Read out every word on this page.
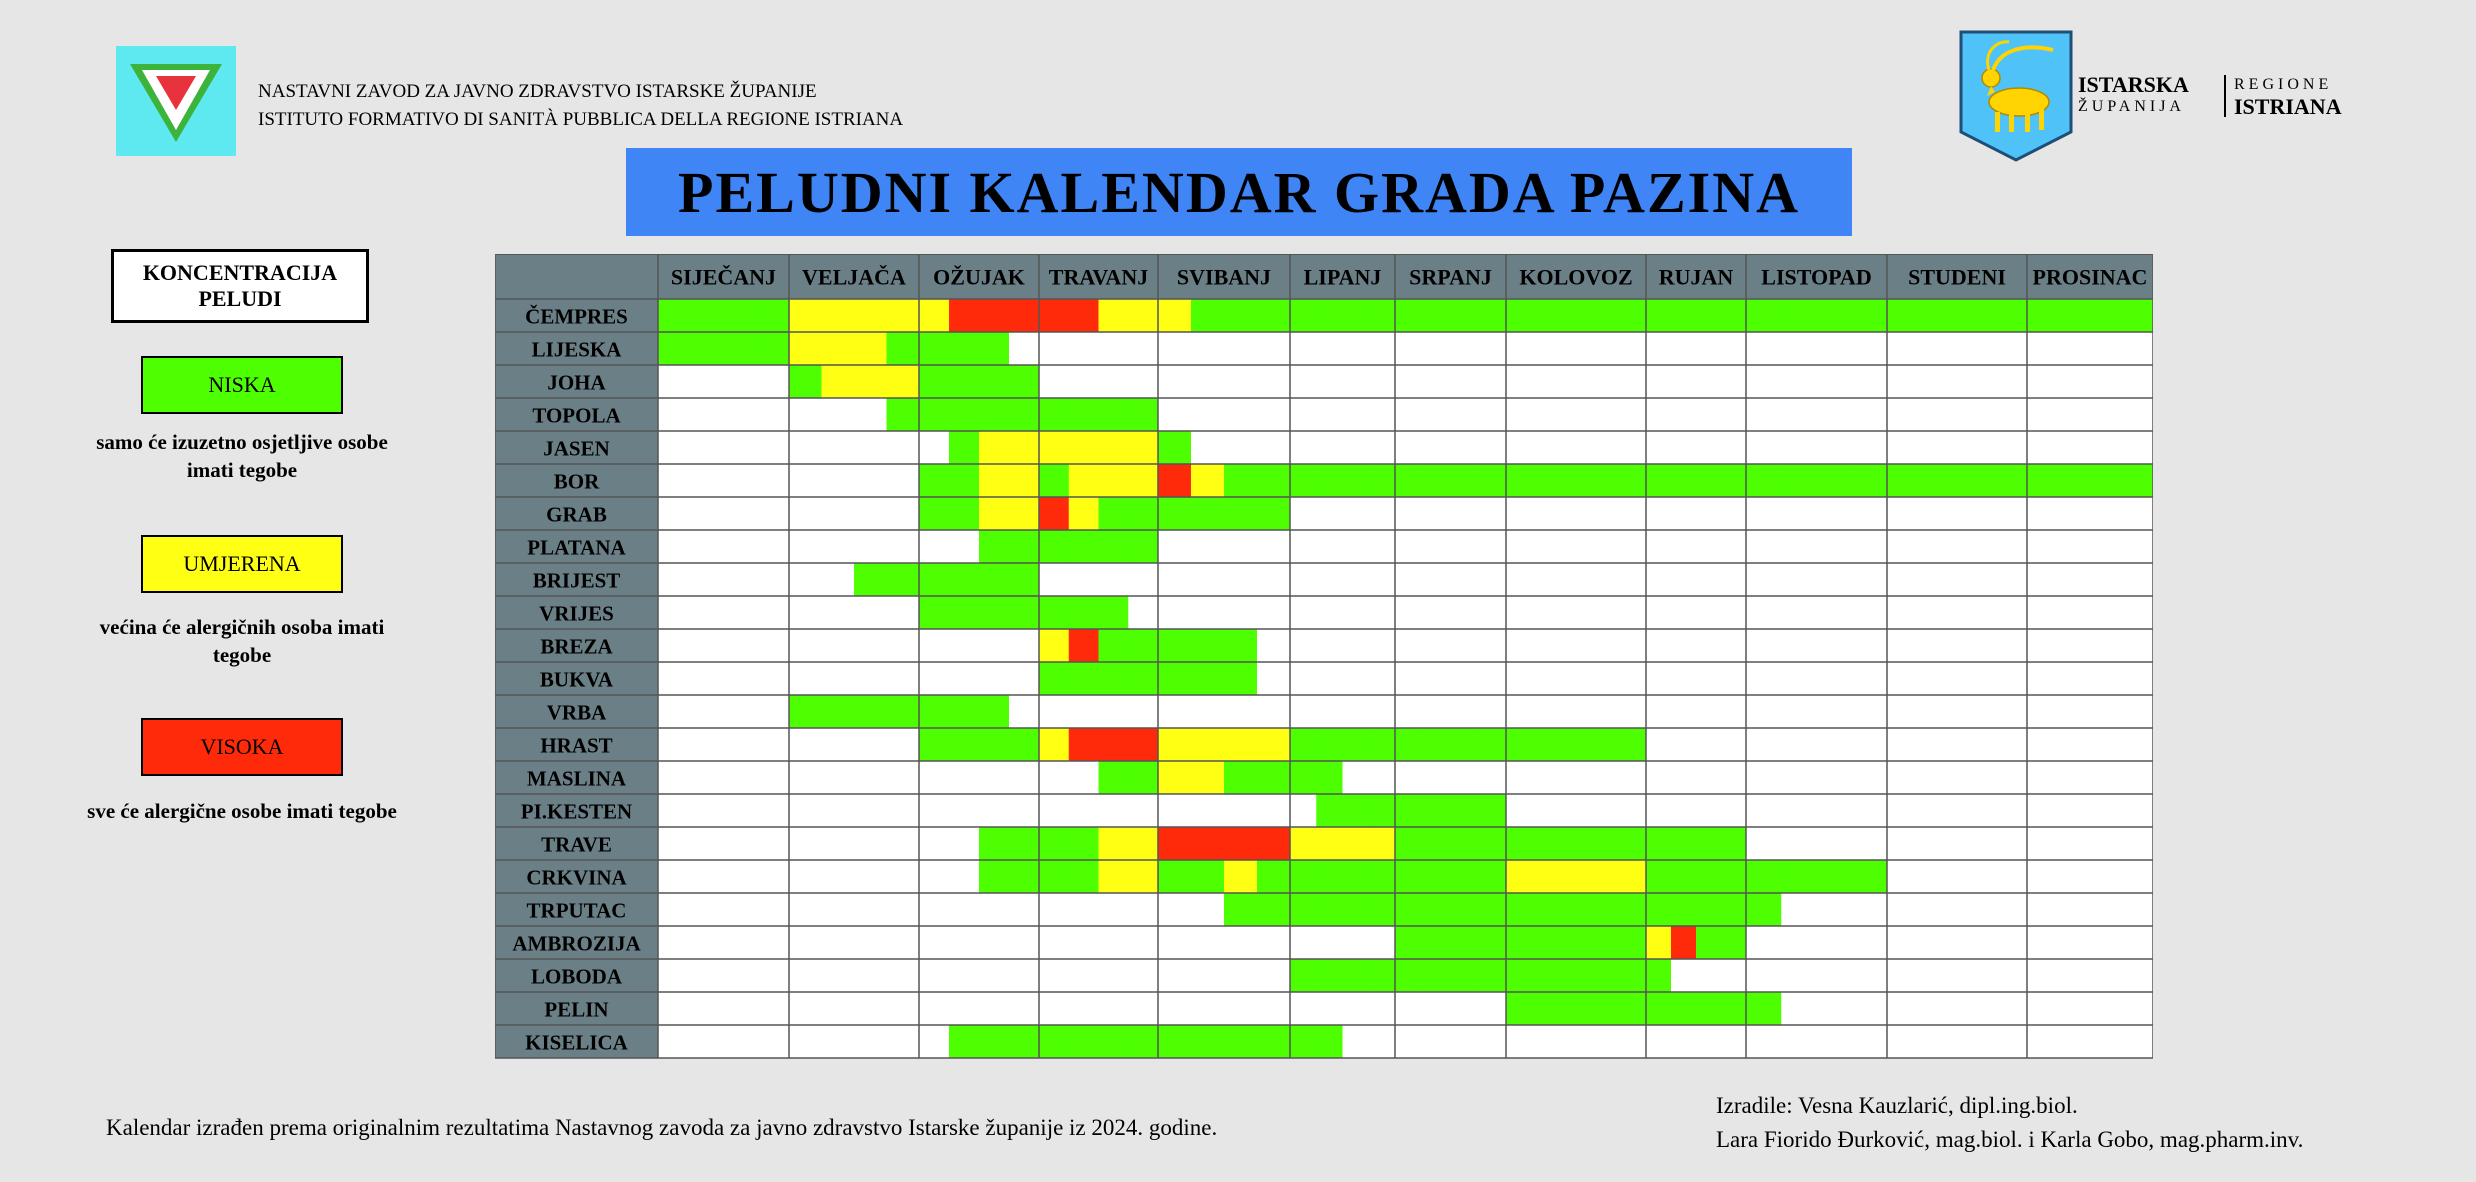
NASTAVNI ZAVOD ZA JAVNO ZDRAVSTVO ISTARSKE ŽUPANIJE
ISTITUTO FORMATIVO DI SANITÀ PUBBLICA DELLA REGIONE ISTRIANA
ISTARSKA
ŽUPANIJA
REGIONE
ISTRIANA
PELUDNI KALENDAR GRADA PAZINA
KONCENTRACIJA PELUDI
NISKA
samo će izuzetno osjetljive osobe imati tegobe
UMJERENA
većina će alergičnih osoba imati tegobe
VISOKA
sve će alergične osobe imati tegobe
SIJEČANJ VELJAČA OŽUJAK TRAVANJ SVIBANJ LIPANJ SRPANJ KOLOVOZ RUJAN LISTOPAD STUDENI PROSINAC
ČEMPRES
LIJESKA
JOHA
TOPOLA
JASEN
BOR
GRAB
PLATANA
BRIJEST
VRIJES
BREZA
BUKVA
VRBA
HRAST
MASLINA
PI.KESTEN
TRAVE
CRKVINA
TRPUTAC
AMBROZIJA
LOBODA
PELIN
KISELICA
Kalendar izrađen prema originalnim rezultatima Nastavnog zavoda za javno zdravstvo Istarske županije iz 2024. godine.
Izradile: Vesna Kauzlarić, dipl.ing.biol.
Lara Fiorido Đurković, mag.biol. i Karla Gobo, mag.pharm.inv.
